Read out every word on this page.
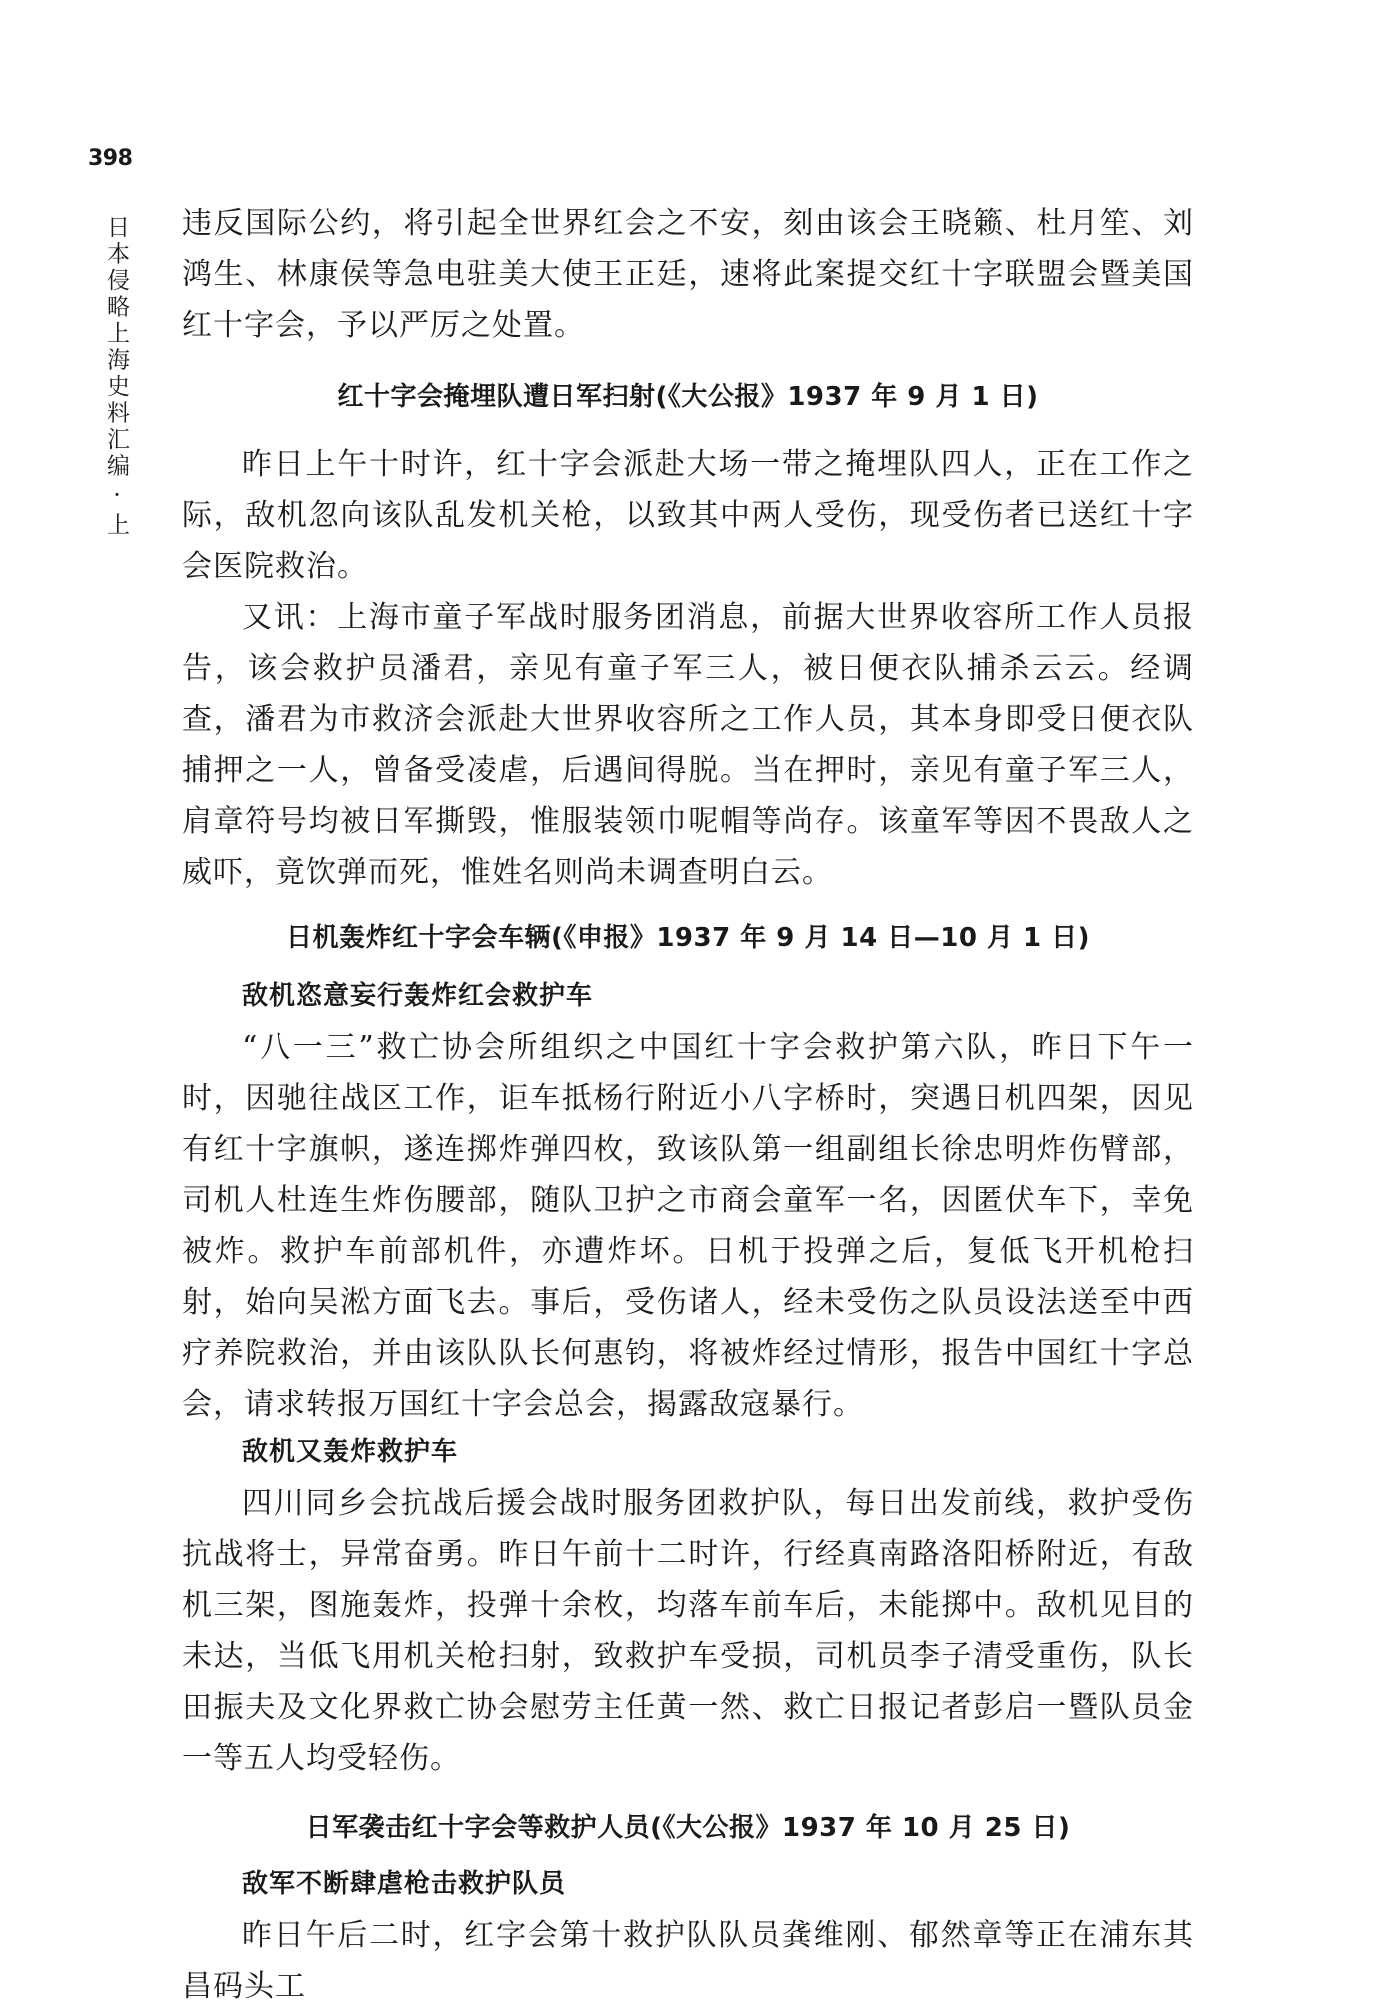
398
日本侵略上海史料汇编 · 上 违反国际公约，将引起全世界红会之不安，刻由该会王晓籁、杜月笙、刘鸿生、林康侯等急电驻美大使王正廷，速将此案提交红十字联盟会暨美国红十字会，予以严厉之处置。

红十字会掩埋队遭日军扫射(《大公报》1937 年 9 月 1 日)

昨日上午十时许，红十字会派赴大场一带之掩埋队四人，正在工作之际，敌机忽向该队乱发机关枪，以致其中两人受伤，现受伤者已送红十字会医院救治。

又讯：上海市童子军战时服务团消息，前据大世界收容所工作人员报告，该会救护员潘君，亲见有童子军三人，被日便衣队捕杀云云。经调查，潘君为市救济会派赴大世界收容所之工作人员，其本身即受日便衣队捕押之一人，曾备受凌虐，后遇间得脱。当在押时，亲见有童子军三人，肩章符号均被日军撕毁，惟服装领巾呢帽等尚存。该童军等因不畏敌人之威吓，竟饮弹而死，惟姓名则尚未调查明白云。

日机轰炸红十字会车辆(《申报》1937 年 9 月 14 日—10 月 1 日)
敌机恣意妄行轰炸红会救护车

“八一三”救亡协会所组织之中国红十字会救护第六队，昨日下午一时，因驰往战区工作，讵车抵杨行附近小八字桥时，突遇日机四架，因见有红十字旗帜，遂连掷炸弹四枚，致该队第一组副组长徐忠明炸伤臂部，司机人杜连生炸伤腰部，随队卫护之市商会童军一名，因匿伏车下，幸免被炸。救护车前部机件，亦遭炸坏。日机于投弹之后，复低飞开机枪扫射，始向吴淞方面飞去。事后，受伤诸人，经未受伤之队员设法送至中西疗养院救治，并由该队队长何惠钧，将被炸经过情形，报告中国红十字总会，请求转报万国红十字会总会，揭露敌寇暴行。

敌机又轰炸救护车

四川同乡会抗战后援会战时服务团救护队，每日出发前线，救护受伤抗战将士，异常奋勇。昨日午前十二时许，行经真南路洛阳桥附近，有敌机三架，图施轰炸，投弹十余枚，均落车前车后，未能掷中。敌机见目的未达，当低飞用机关枪扫射，致救护车受损，司机员李子清受重伤，队长田振夫及文化界救亡协会慰劳主任黄一然、救亡日报记者彭启一暨队员金一等五人均受轻伤。

日军袭击红十字会等救护人员(《大公报》1937 年 10 月 25 日)
敌军不断肆虐枪击救护队员

昨日午后二时，红字会第十救护队队员龚维刚、郁然章等正在浦东其昌码头工
